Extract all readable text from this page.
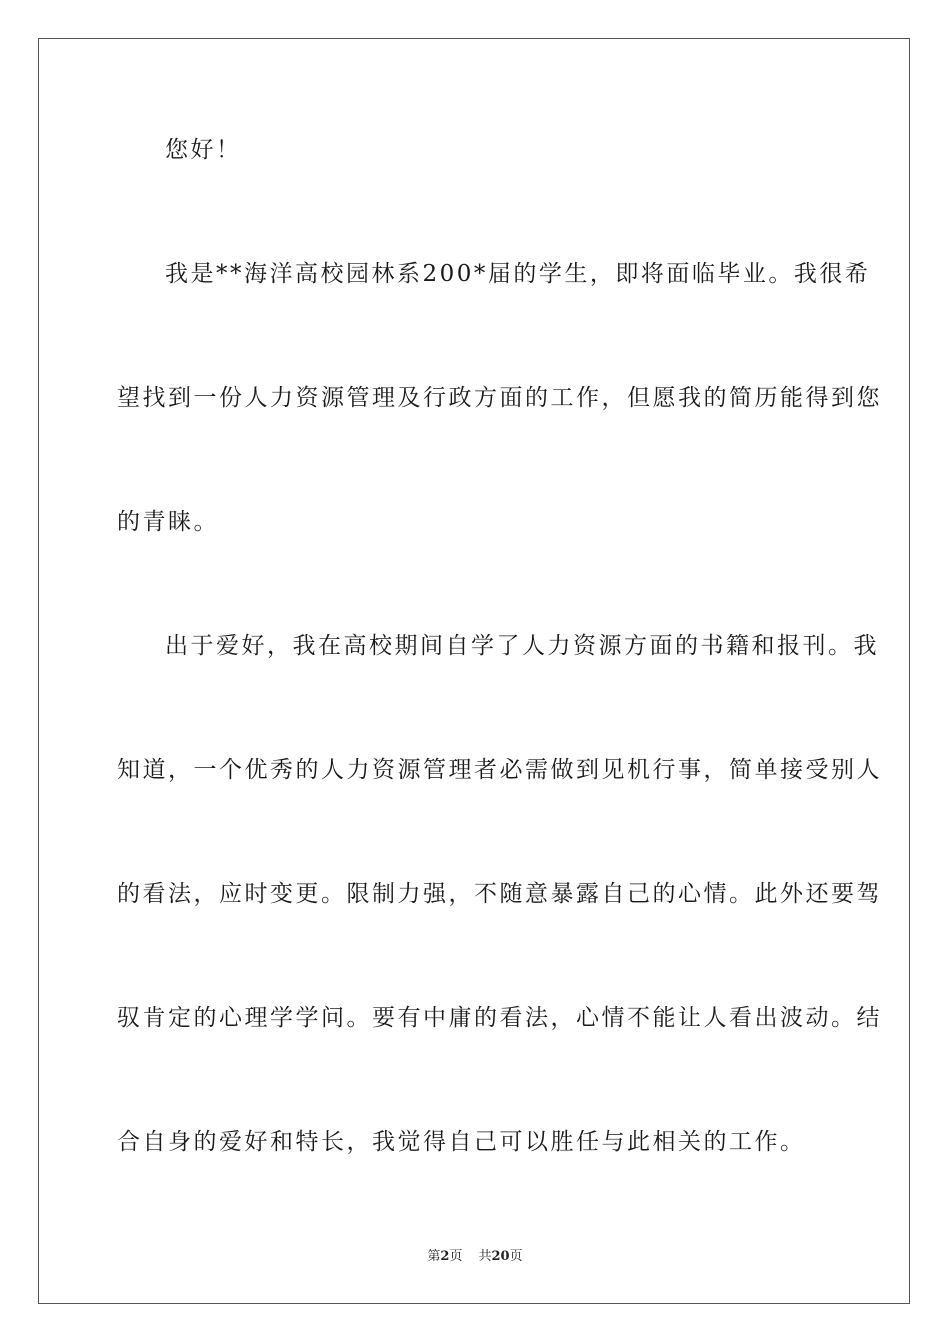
您好！
我是**海洋高校园林系200*届的学生，即将面临毕业。我很希
望找到一份人力资源管理及行政方面的工作，但愿我的简历能得到您
的青睐。
出于爱好，我在高校期间自学了人力资源方面的书籍和报刊。我
知道，一个优秀的人力资源管理者必需做到见机行事，简单接受别人
的看法，应时变更。限制力强，不随意暴露自己的心情。此外还要驾
驭肯定的心理学学问。要有中庸的看法，心情不能让人看出波动。结
合自身的爱好和特长，我觉得自己可以胜任与此相关的工作。
第2页 共20页
